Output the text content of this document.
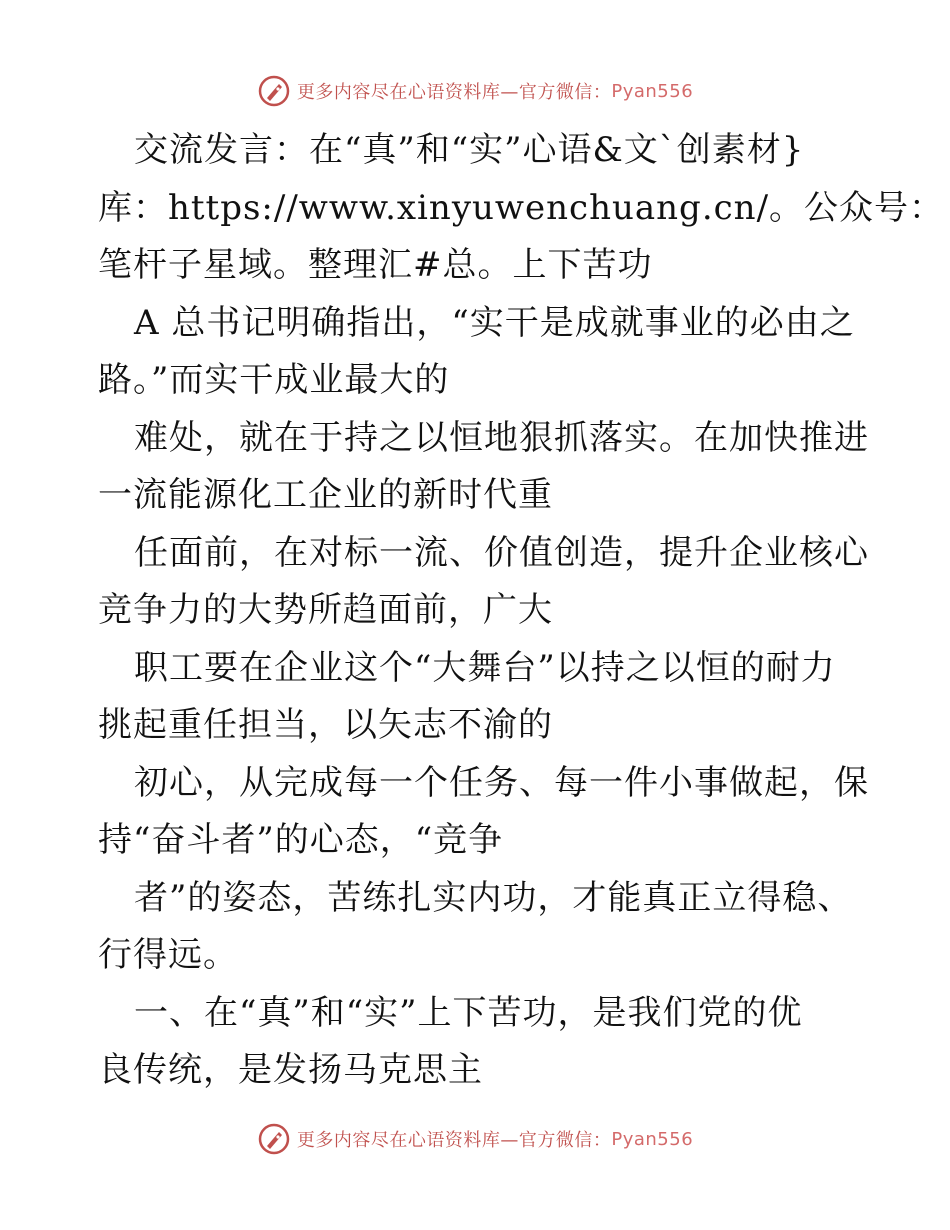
更多内容尽在心语资料库—官方微信： Pyan556
交流发言：在“真”和“实”心语&文`创素材}
库：https://www.xinyuwenchuang.cn/。公众号：
笔杆子星域。整理汇#总。上下苦功
A 总书记明确指出，“实干是成就事业的必由之
路。”而实干成业最大的
难处，就在于持之以恒地狠抓落实。在加快推进
一流能源化工企业的新时代重
任面前，在对标一流、价值创造，提升企业核心
竞争力的大势所趋面前，广大
职工要在企业这个“大舞台”以持之以恒的耐力
挑起重任担当，以矢志不渝的
初心，从完成每一个任务、每一件小事做起，保
持“奋斗者”的心态，“竞争
者”的姿态，苦练扎实内功，才能真正立得稳、
行得远。
一、在“真”和“实”上下苦功，是我们党的优
良传统，是发扬马克思主
更多内容尽在心语资料库—官方微信： Pyan556
